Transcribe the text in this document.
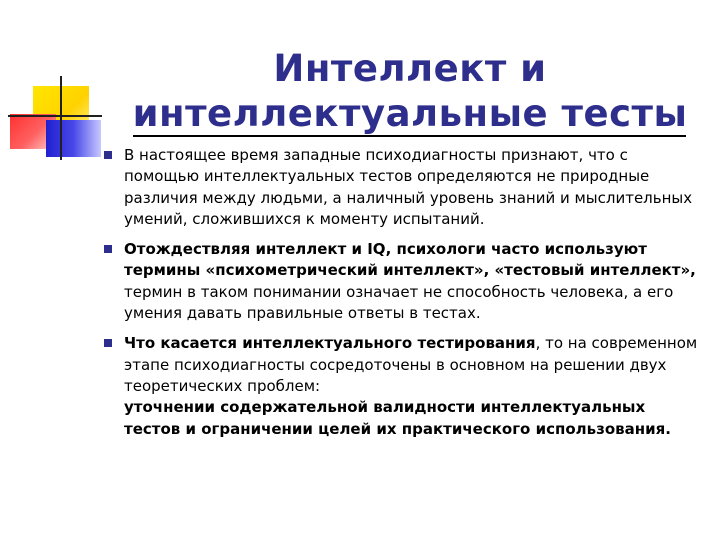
Интеллект и
интеллектуальные тесты
В настоящее время западные психодиагносты признают, что с помощью интеллектуальных тестов определяются не природные различия между людьми, а наличный уровень знаний и мыслительных умений, сложившихся к моменту испытаний.
Отождествляя интеллект и IQ, психологи часто используют термины «психометрический интеллект», «тестовый интеллект», термин в таком понимании означает не способность человека, а его умения давать правильные ответы в тестах.
Что касается интеллектуального тестирования, то на современном этапе психодиагносты сосредоточены в основном на решении двух теоретических проблем:
уточнении содержательной валидности интеллектуальных тестов и ограничении целей их практического использования.
